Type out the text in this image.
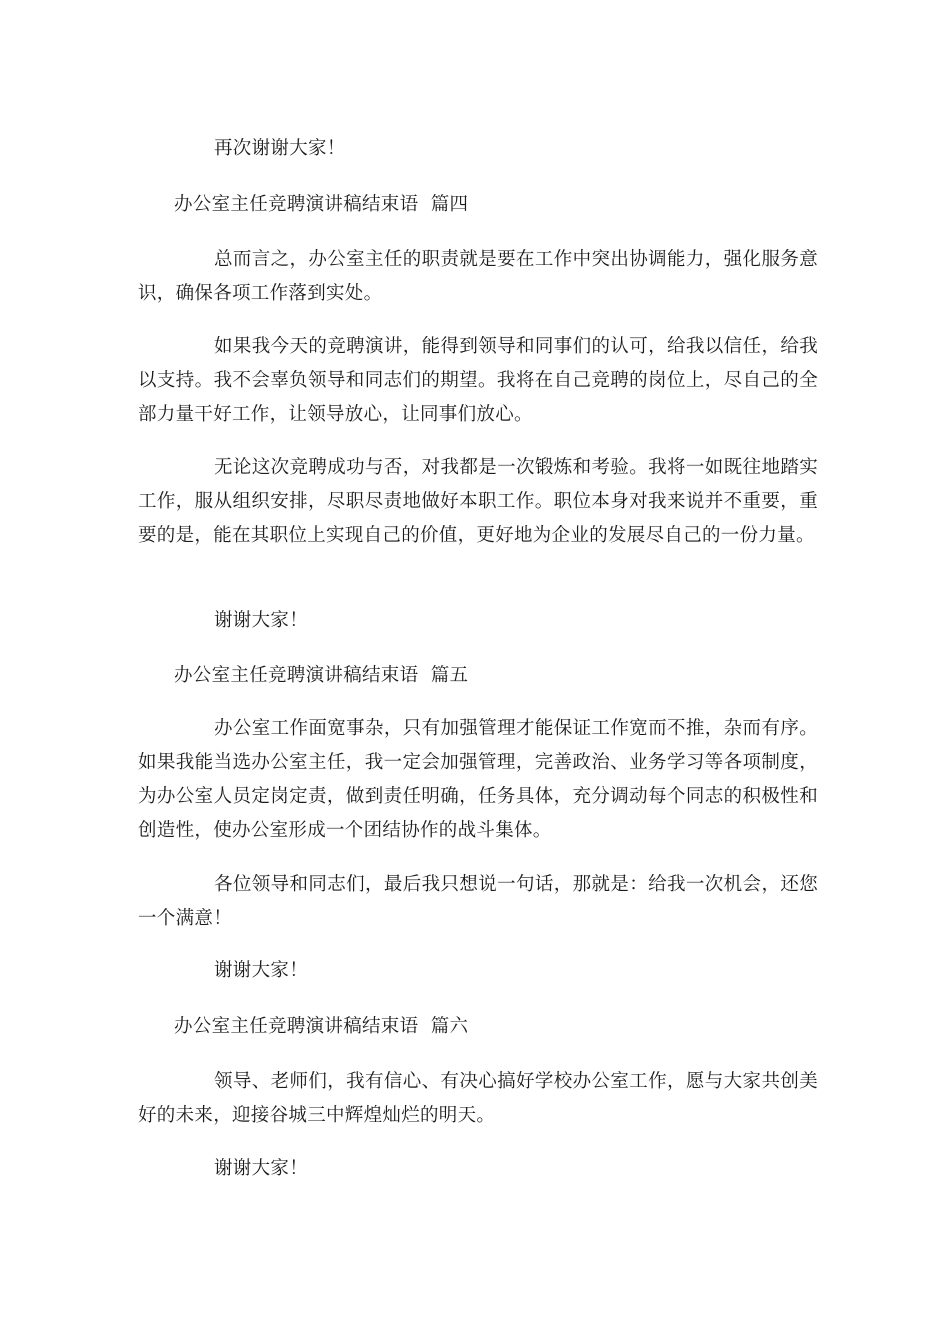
再次谢谢大家！

办公室主任竞聘演讲稿结束语  篇四

总而言之，办公室主任的职责就是要在工作中突出协调能力，强化服务意识，确保各项工作落到实处。

如果我今天的竞聘演讲，能得到领导和同事们的认可，给我以信任，给我以支持。我不会辜负领导和同志们的期望。我将在自己竞聘的岗位上，尽自己的全部力量干好工作，让领导放心，让同事们放心。

无论这次竞聘成功与否，对我都是一次锻炼和考验。我将一如既往地踏实工作，服从组织安排，尽职尽责地做好本职工作。职位本身对我来说并不重要，重要的是，能在其职位上实现自己的价值，更好地为企业的发展尽自己的一份力量。

谢谢大家！

办公室主任竞聘演讲稿结束语  篇五

办公室工作面宽事杂，只有加强管理才能保证工作宽而不推，杂而有序。如果我能当选办公室主任，我一定会加强管理，完善政治、业务学习等各项制度，为办公室人员定岗定责，做到责任明确，任务具体，充分调动每个同志的积极性和创造性，使办公室形成一个团结协作的战斗集体。

各位领导和同志们，最后我只想说一句话，那就是：给我一次机会，还您一个满意！

谢谢大家！

办公室主任竞聘演讲稿结束语  篇六

领导、老师们，我有信心、有决心搞好学校办公室工作，愿与大家共创美好的未来，迎接谷城三中辉煌灿烂的明天。

谢谢大家！
